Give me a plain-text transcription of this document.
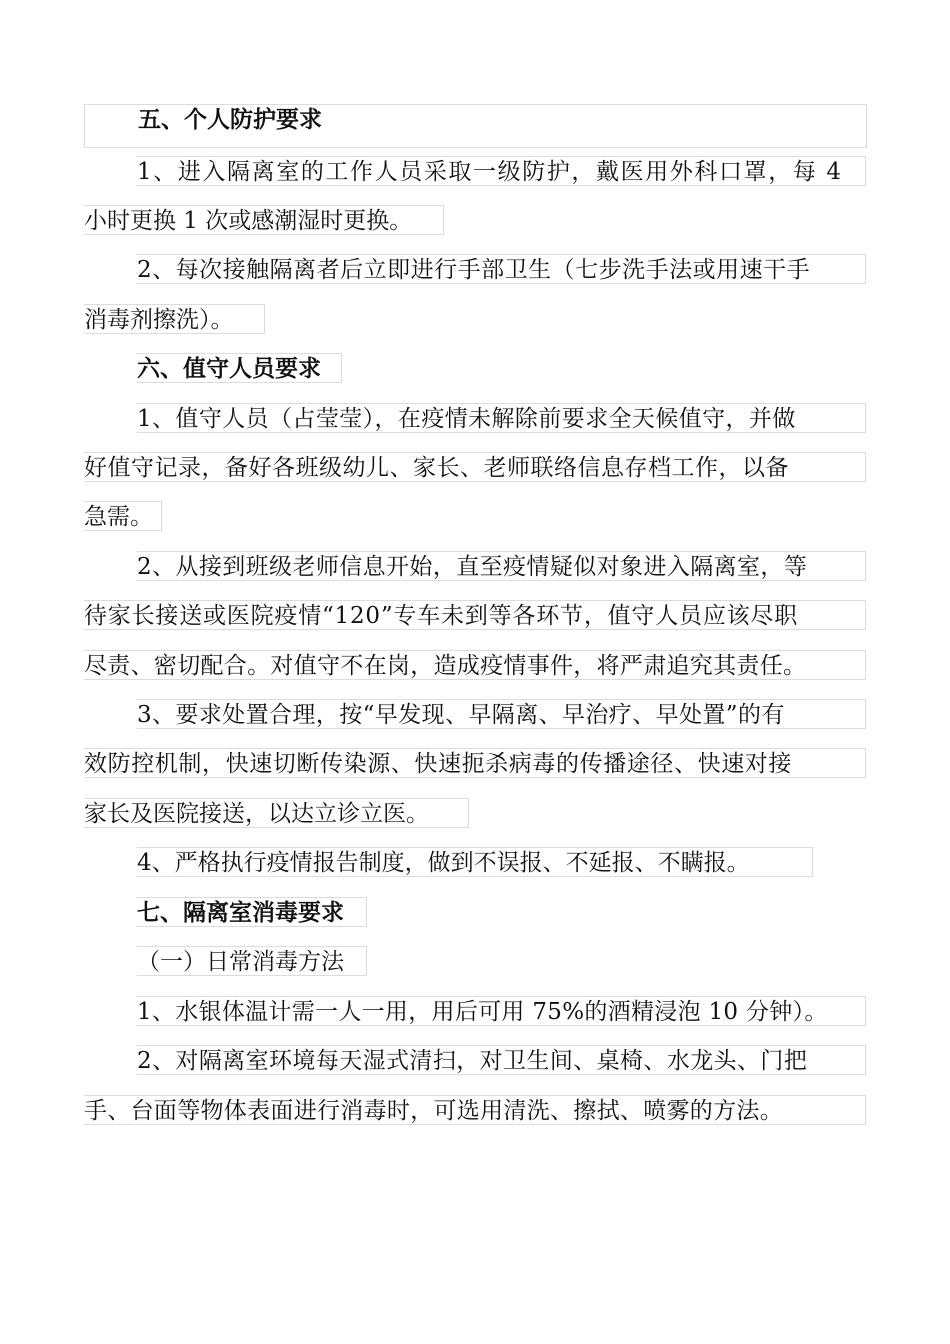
五、个人防护要求
1、进入隔离室的工作人员采取一级防护，戴医用外科口罩，每 4
小时更换 1 次或感潮湿时更换。
2、每次接触隔离者后立即进行手部卫生（七步洗手法或用速干手
消毒剂擦洗）。
六、值守人员要求
1、值守人员（占莹莹），在疫情未解除前要求全天候值守，并做
好值守记录，备好各班级幼儿、家长、老师联络信息存档工作，以备
急需。
2、从接到班级老师信息开始，直至疫情疑似对象进入隔离室，等
待家长接送或医院疫情“120”专车未到等各环节，值守人员应该尽职
尽责、密切配合。对值守不在岗，造成疫情事件，将严肃追究其责任。
3、要求处置合理，按“早发现、早隔离、早治疗、早处置”的有
效防控机制，快速切断传染源、快速扼杀病毒的传播途径、快速对接
家长及医院接送，以达立诊立医。
4、严格执行疫情报告制度，做到不误报、不延报、不瞒报。
七、隔离室消毒要求
（一）日常消毒方法
1、水银体温计需一人一用，用后可用 75%的酒精浸泡 10 分钟）。
2、对隔离室环境每天湿式清扫，对卫生间、桌椅、水龙头、门把
手、台面等物体表面进行消毒时，可选用清洗、擦拭、喷雾的方法。
